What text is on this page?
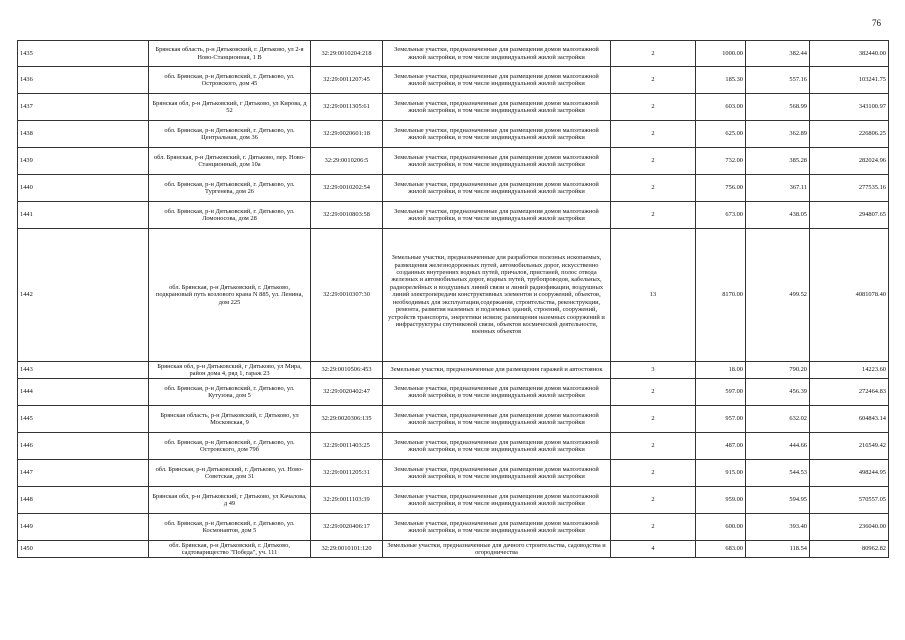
76
1435	Брянская область, р-н Дятьковский, г. Дятьково, ул 2-я Ново-Станционная, 1 В	32:29:0010204:218	Земельные участки, предназначенные для размещения домов малоэтажной жилой застройки, в том числе индивидуальной жилой застройки	2	1000.00	382.44	382440.00
1436	обл. Брянская, р-н Дятьковский, г. Дятьково, ул. Островского, дом 45	32:29:0011207:45	Земельные участки, предназначенные для размещения домов малоэтажной жилой застройки, в том числе индивидуальной жилой застройки	2	185.30	557.16	103241.75
1437	Брянская обл, р-н Дятьковский, г Дятьково, ул Кирова, д 52	32:29:0011305:61	Земельные участки, предназначенные для размещения домов малоэтажной жилой застройки, в том числе индивидуальной жилой застройки	2	603.00	568.99	343100.97
1438	обл. Брянская, р-н Дятьковский, г. Дятьково, ул. Центральная, дом 36	32:29:0020601:18	Земельные участки, предназначенные для размещения домов малоэтажной жилой застройки, в том числе индивидуальной жилой застройки	2	625.00	362.89	226806.25
1439	обл. Брянская, р-н Дятьковский, г. Дятьково, пер. Ново-Станционный, дом 10а	32:29:0010206:5	Земельные участки, предназначенные для размещения домов малоэтажной жилой застройки, в том числе индивидуальной жилой застройки	2	732.00	385.28	282024.96
1440	обл. Брянская, р-н Дятьковский, г. Дятьково, ул. Тургенева, дом 26	32:29:0010202:54	Земельные участки, предназначенные для размещения домов малоэтажной жилой застройки, в том числе индивидуальной жилой застройки	2	756.00	367.11	277535.16
1441	обл. Брянская, р-н Дятьковский, г. Дятьково, ул. Ломоносова, дом 28	32:29:0010803:58	Земельные участки, предназначенные для размещения домов малоэтажной жилой застройки, в том числе индивидуальной жилой застройки	2	673.00	438.05	294807.65
1442	обл. Брянская, р-н Дятьковский, г. Дятьково, подкрановый путь козлового крана N 885, ул. Ленина, дом 225	32:29:0010307:30	Земельные участки, предназначенные для разработки полезных ископаемых, размещения железнодорожных путей, автомобильных дорог, искусственно созданных внутренних водных путей, причалов, пристаней, полос отвода железных и автомобильных дорог, водных путей, трубопроводов, кабельных, радиорелейных и воздушных линий связи и линий радиофикации, воздушных линий электропередачи конструктивных элементов и сооружений, объектов, необходимых для эксплуатации,содержания, строительства, реконструкции, ремонта, развития наземных и подземных зданий, строений, сооружений, устройств транспорта, энергетики исвязи; размещения наземных сооружений и инфраструктуры спутниковой связи, объектов космической деятельности, военных объектов	13	8170.00	499.52	4081078.40
1443	Брянская обл, р-н Дятьковский, г Дятьково, ул Мира, район дома 4, ряд 1, гараж 23	32:29:0010506:453	Земельные участки, предназначенные для размещения гаражей и автостоянок	3	18.00	790.20	14223.60
1444	обл. Брянская, р-н Дятьковский, г. Дятьково, ул. Кутузова, дом 5	32:29:0020402:47	Земельные участки, предназначенные для размещения домов малоэтажной жилой застройки, в том числе индивидуальной жилой застройки	2	597.00	456.39	272464.83
1445	Брянская область, р-н Дятьковский, г. Дятьково, ул Московская, 9	32:29:0020306:135	Земельные участки, предназначенные для размещения домов малоэтажной жилой застройки, в том числе индивидуальной жилой застройки	2	957.00	632.02	604843.14
1446	обл. Брянская, р-н Дятьковский, г. Дятьково, ул. Островского, дом 79б	32:29:0011403:25	Земельные участки, предназначенные для размещения домов малоэтажной жилой застройки, в том числе индивидуальной жилой застройки	2	487.00	444.66	216549.42
1447	обл. Брянская, р-н Дятьковский, г. Дятьково, ул. Ново-Советская, дом 31	32:29:0011205:31	Земельные участки, предназначенные для размещения домов малоэтажной жилой застройки, в том числе индивидуальной жилой застройки	2	915.00	544.53	498244.95
1448	Брянская обл, р-н Дятьковский, г Дятьково, ул Качалова, д 49	32:29:0011103:39	Земельные участки, предназначенные для размещения домов малоэтажной жилой застройки, в том числе индивидуальной жилой застройки	2	959.00	594.95	570557.05
1449	обл. Брянская, р-н Дятьковский, г. Дятьково, ул. Космонавтов, дом 5	32:29:0020406:17	Земельные участки, предназначенные для размещения домов малоэтажной жилой застройки, в том числе индивидуальной жилой застройки	2	600.00	393.40	236040.00
1450	обл. Брянская, р-н Дятьковский, г. Дятьково, садтоварищество "Победа", уч. 111	32:29:0010101:120	Земельные участки, предназначенные для дачного строительства, садоводства и огородничества	4	683.00	118.54	80962.82
